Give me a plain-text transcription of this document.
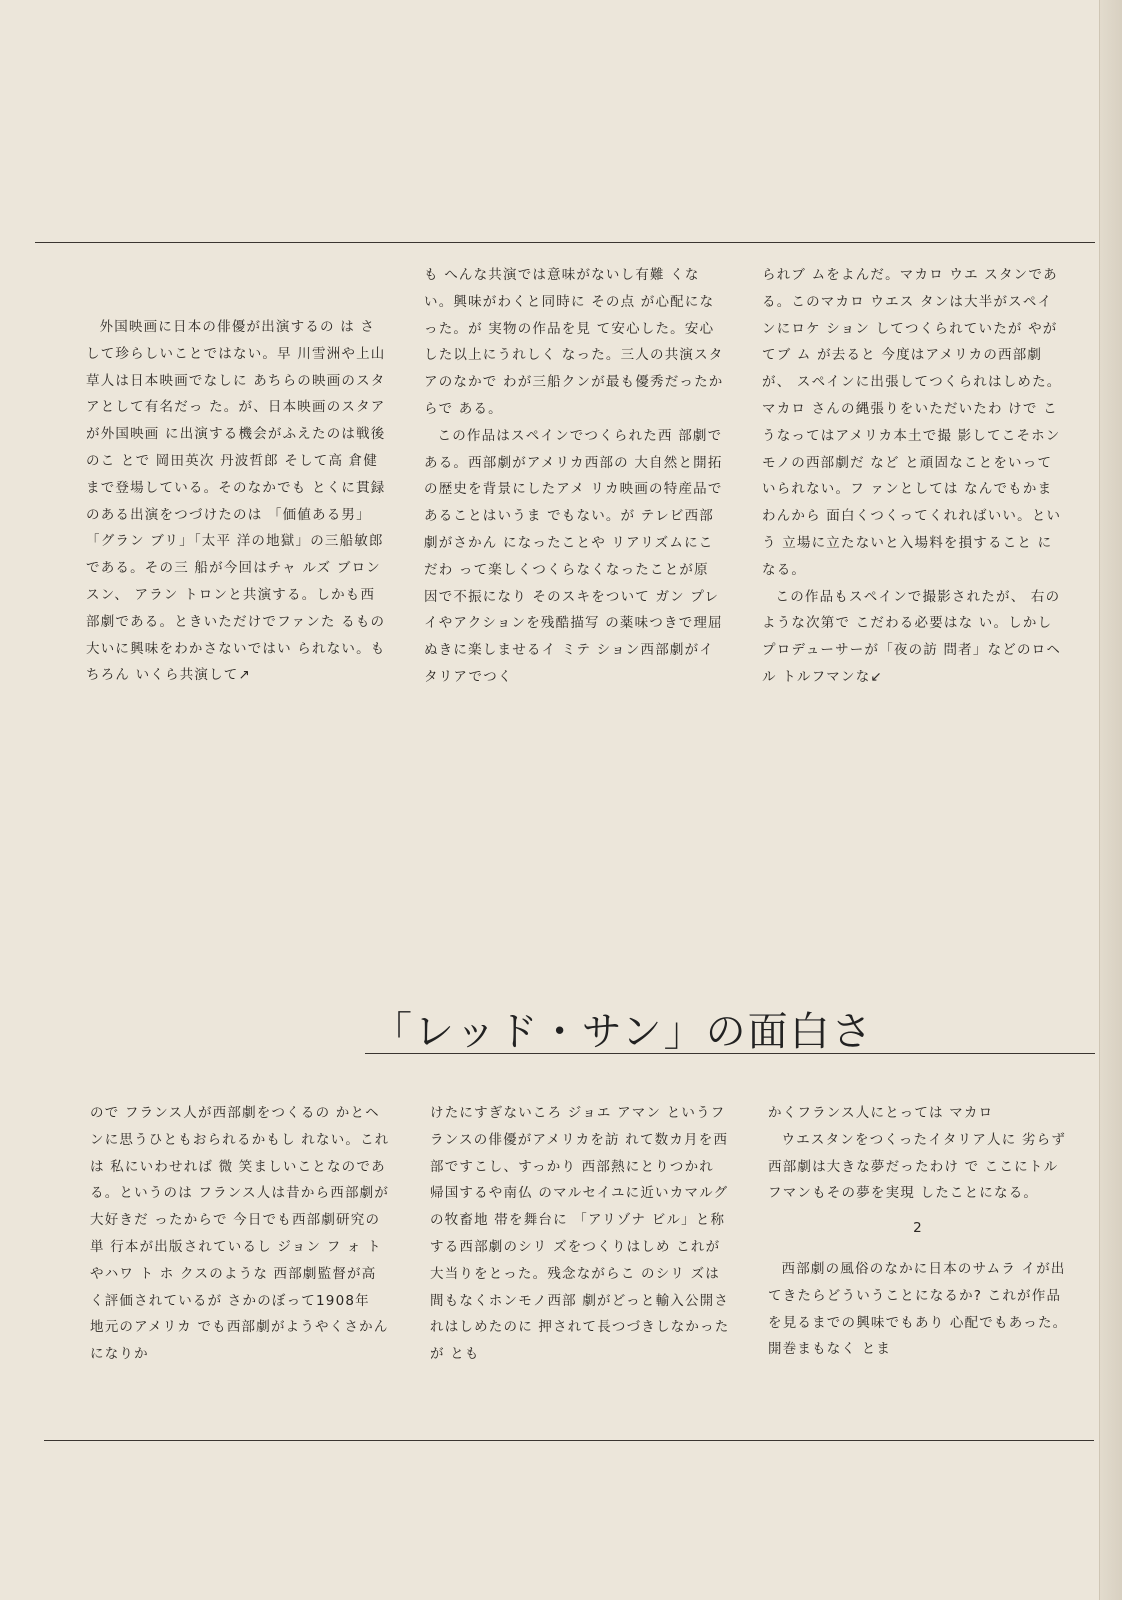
外国映画に日本の俳優が出演するの は さして珍らしいことではない。早 川雪洲や上山草人は日本映画でなしに あちらの映画のスタアとして有名だっ た。が、日本映画のスタアが外国映画 に出演する機会がふえたのは戦後のこ とで 岡田英次 丹波哲郎 そして高 倉健まで登場している。そのなかでも とくに貫録のある出演をつづけたのは 「価値ある男」「グラン ブリ」「太平 洋の地獄」の三船敏郎である。その三 船が今回はチャ ルズ ブロンスン、 アラン トロンと共演する。しかも西 部劇である。ときいただけでファンた るもの大いに興味をわかさないではい られない。もちろん いくら共演して↗

も へんな共演では意味がないし有難 くない。興味がわくと同時に その点 が心配になった。が 実物の作品を見 て安心した。安心した以上にうれしく なった。三人の共演スタアのなかで わが三船クンが最も優秀だったからで ある。

この作品はスペインでつくられた西 部劇である。西部劇がアメリカ西部の 大自然と開拓の歴史を背景にしたアメ リカ映画の特産品であることはいうま でもない。が テレビ西部劇がさかん になったことや リアリズムにこだわ って楽しくつくらなくなったことが原 因で不振になり そのスキをついて ガン プレイやアクションを残酷描写 の薬味つきで理屈ぬきに楽しませるイ ミテ ション西部劇がイタリアでつく

られブ ムをよんだ。マカロ ウエ スタンである。このマカロ ウエス タンは大半がスペインにロケ ション してつくられていたが やがてブ ム が去ると 今度はアメリカの西部劇が、 スペインに出張してつくられはしめた。 マカロ さんの縄張りをいただいたわ けで こうなってはアメリカ本土で撮 影してこそホンモノの西部劇だ など と頑固なことをいっていられない。フ ァンとしては なんでもかまわんから 面白くつくってくれればいい。という 立場に立たないと入場料を損すること になる。

この作品もスペインで撮影されたが、 右のような次第で こだわる必要はな い。しかしプロデューサーが「夜の訪 問者」などのロヘ ル トルフマンな↙

「レッド・サン」の面白さ

ので フランス人が西部劇をつくるの かとヘンに思うひともおられるかもし れない。これは 私にいわせれば 微 笑ましいことなのである。というのは フランス人は昔から西部劇が大好きだ ったからで 今日でも西部劇研究の単 行本が出版されているし ジョン フ ォ トやハワ ト ホ クスのような 西部劇監督が高く評価されているが さかのぼって1908年 地元のアメリカ でも西部劇がようやくさかんになりか

けたにすぎないころ ジョエ アマン というフランスの俳優がアメリカを訪 れて数カ月を西部ですこし、すっかり 西部熱にとりつかれ 帰国するや南仏 のマルセイユに近いカマルグの牧畜地 帯を舞台に 「アリゾナ ビル」と称 する西部劇のシリ ズをつくりはしめ これが大当りをとった。残念ながらこ のシリ ズは 間もなくホンモノ西部 劇がどっと輸入公開されはしめたのに 押されて長つづきしなかったが とも

かくフランス人にとっては マカロ

ウエスタンをつくったイタリア人に 劣らず 西部劇は大きな夢だったわけ で ここにトルフマンもその夢を実現 したことになる。

2

西部劇の風俗のなかに日本のサムラ イが出てきたらどういうことになるか? これが作品を見るまでの興味でもあり 心配でもあった。開巻まもなく とま
